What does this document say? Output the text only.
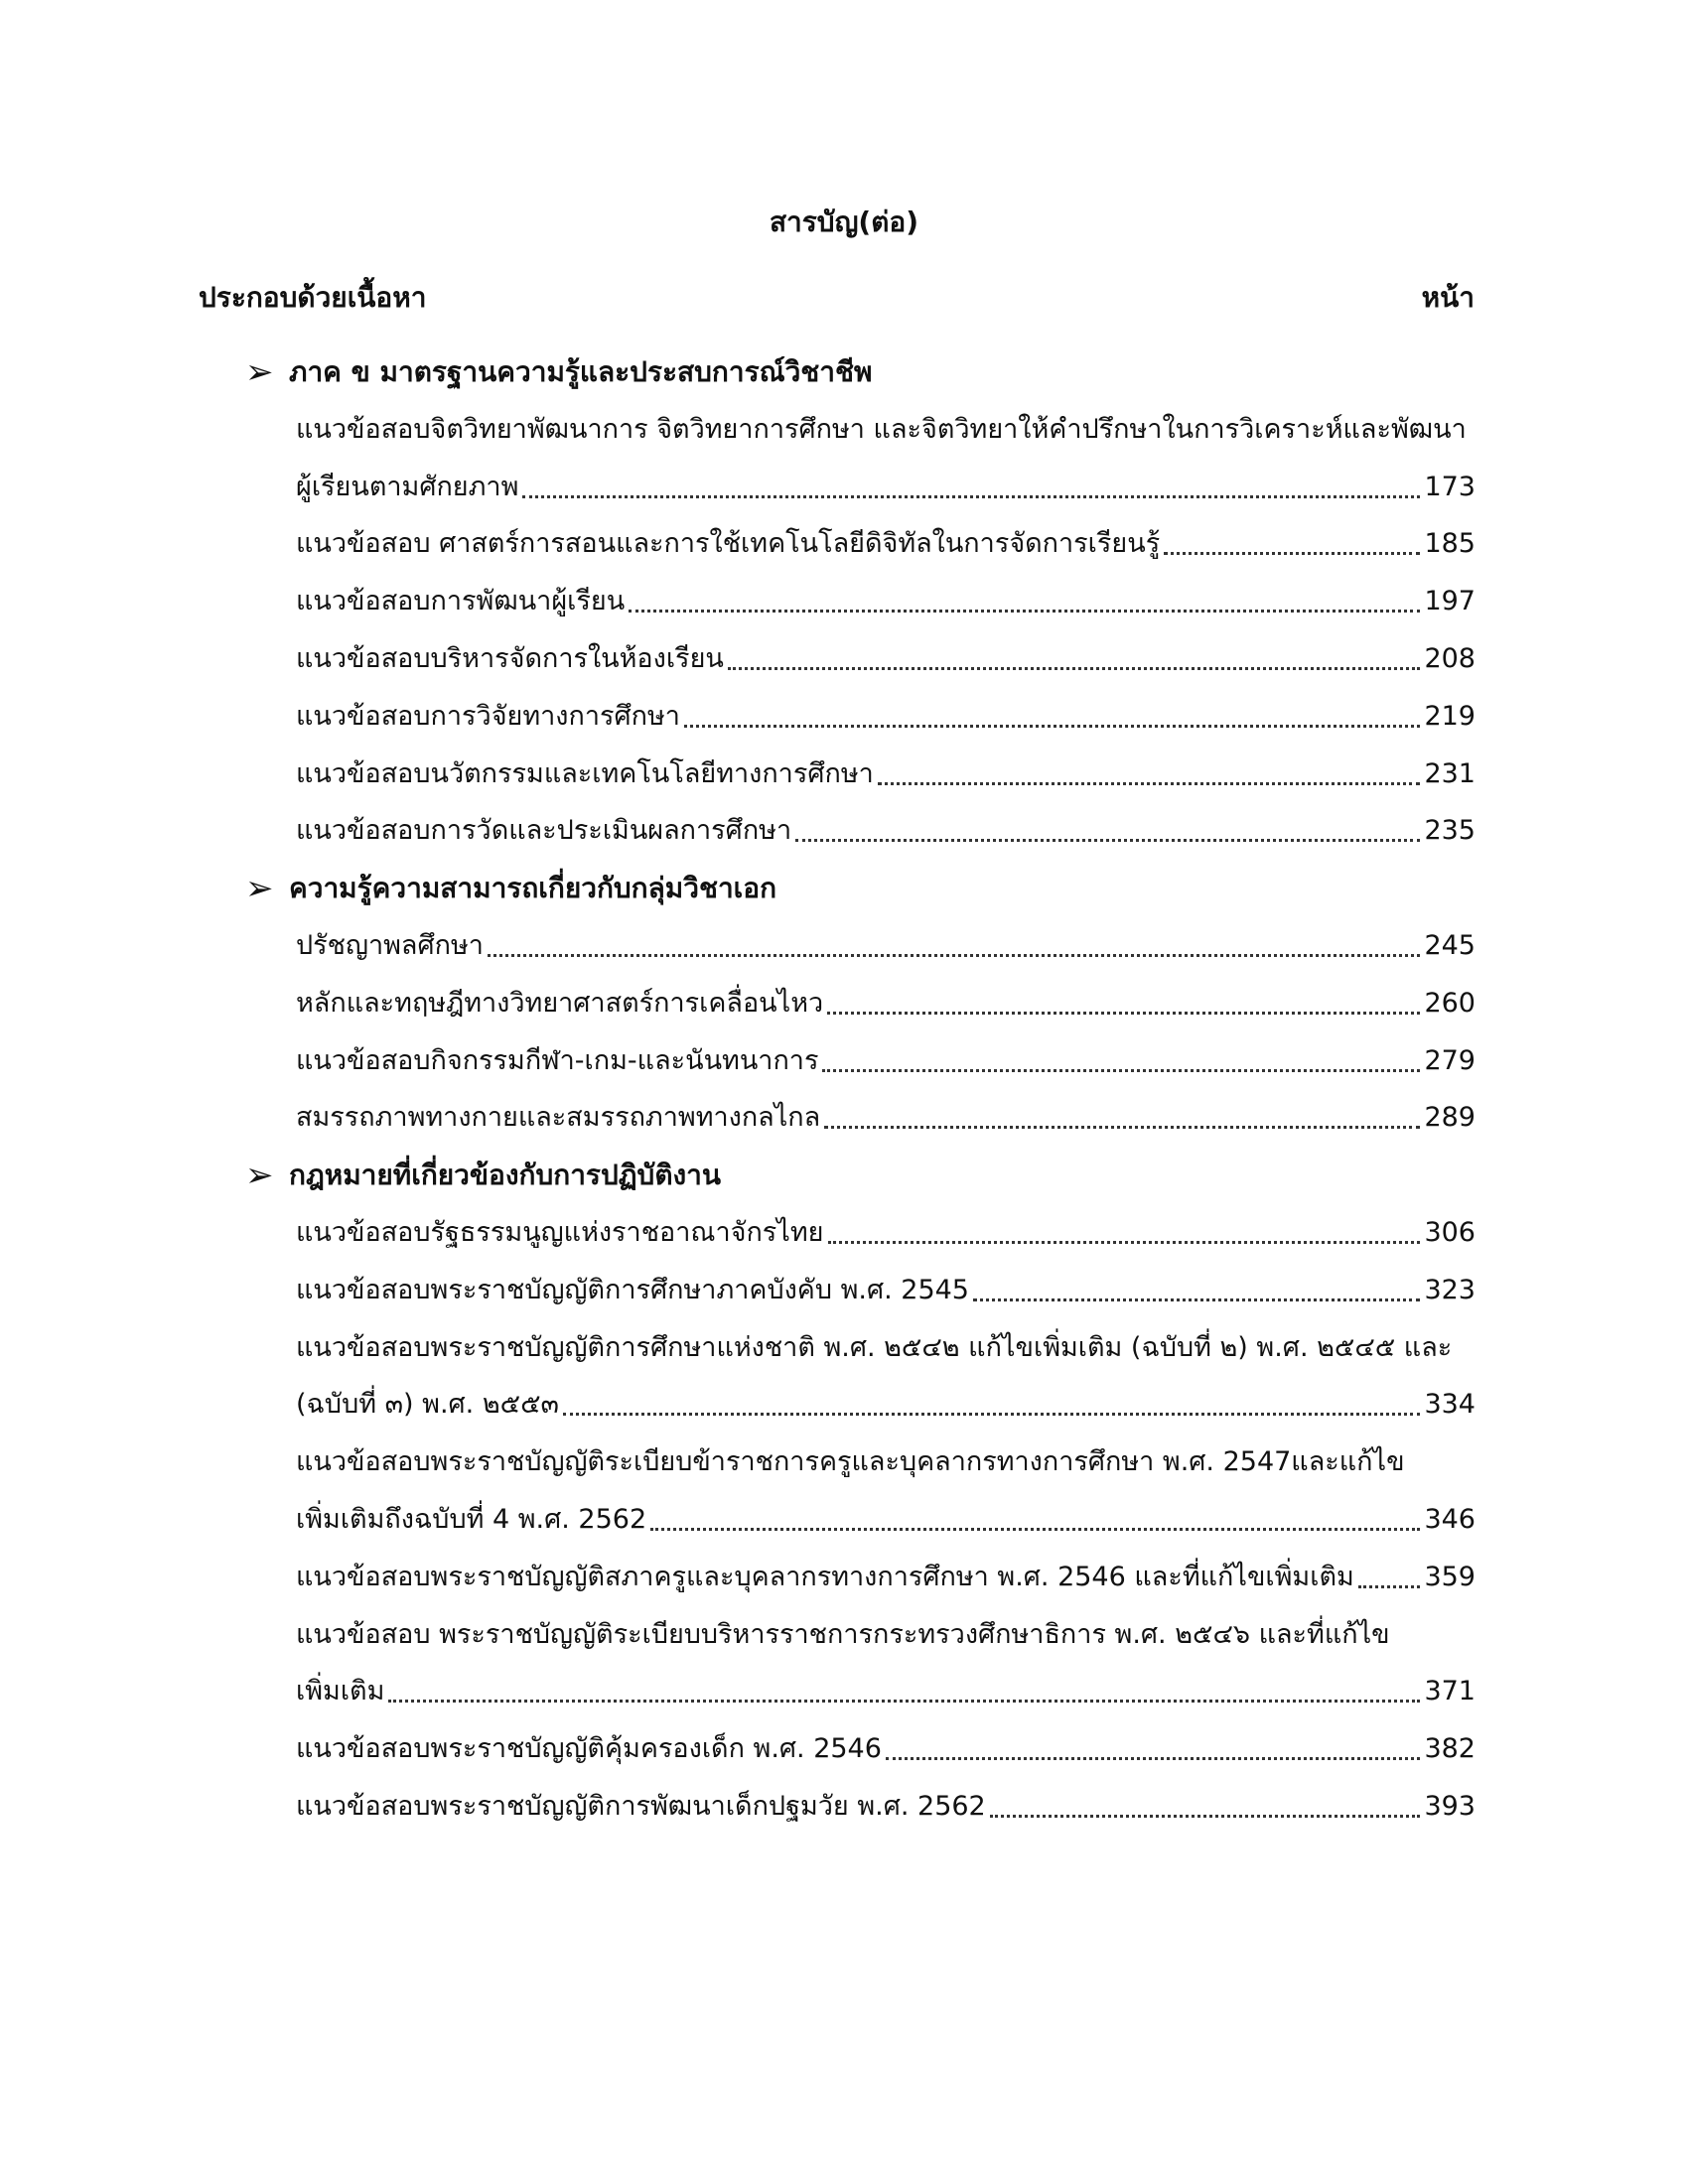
สารบัญ(ต่อ)
ประกอบด้วยเนื้อหา	หน้า
➢ ภาค ข มาตรฐานความรู้และประสบการณ์วิชาชีพ
แนวข้อสอบจิตวิทยาพัฒนาการ จิตวิทยาการศึกษา และจิตวิทยาให้คำปรึกษาในการวิเคราะห์และพัฒนา
ผู้เรียนตามศักยภาพ	173
แนวข้อสอบ ศาสตร์การสอนและการใช้เทคโนโลยีดิจิทัลในการจัดการเรียนรู้	185
แนวข้อสอบการพัฒนาผู้เรียน	197
แนวข้อสอบบริหารจัดการในห้องเรียน	208
แนวข้อสอบการวิจัยทางการศึกษา	219
แนวข้อสอบนวัตกรรมและเทคโนโลยีทางการศึกษา	231
แนวข้อสอบการวัดและประเมินผลการศึกษา	235
➢ ความรู้ความสามารถเกี่ยวกับกลุ่มวิชาเอก
ปรัชญาพลศึกษา	245
หลักและทฤษฎีทางวิทยาศาสตร์การเคลื่อนไหว	260
แนวข้อสอบกิจกรรมกีฬา-เกม-และนันทนาการ	279
สมรรถภาพทางกายและสมรรถภาพทางกลไกล	289
➢ กฎหมายที่เกี่ยวข้องกับการปฏิบัติงาน
แนวข้อสอบรัฐธรรมนูญแห่งราชอาณาจักรไทย	306
แนวข้อสอบพระราชบัญญัติการศึกษาภาคบังคับ พ.ศ. 2545	323
แนวข้อสอบพระราชบัญญัติการศึกษาแห่งชาติ พ.ศ. ๒๕๔๒ แก้ไขเพิ่มเติม (ฉบับที่ ๒) พ.ศ. ๒๕๔๕ และ
(ฉบับที่ ๓) พ.ศ. ๒๕๕๓	334
แนวข้อสอบพระราชบัญญัติระเบียบข้าราชการครูและบุคลากรทางการศึกษา พ.ศ. 2547และแก้ไข
เพิ่มเติมถึงฉบับที่ 4 พ.ศ. 2562	346
แนวข้อสอบพระราชบัญญัติสภาครูและบุคลากรทางการศึกษา พ.ศ. 2546 และที่แก้ไขเพิ่มเติม	359
แนวข้อสอบ พระราชบัญญัติระเบียบบริหารราชการกระทรวงศึกษาธิการ พ.ศ. ๒๕๔๖ และที่แก้ไข
เพิ่มเติม	371
แนวข้อสอบพระราชบัญญัติคุ้มครองเด็ก พ.ศ. 2546	382
แนวข้อสอบพระราชบัญญัติการพัฒนาเด็กปฐมวัย พ.ศ. 2562	393
